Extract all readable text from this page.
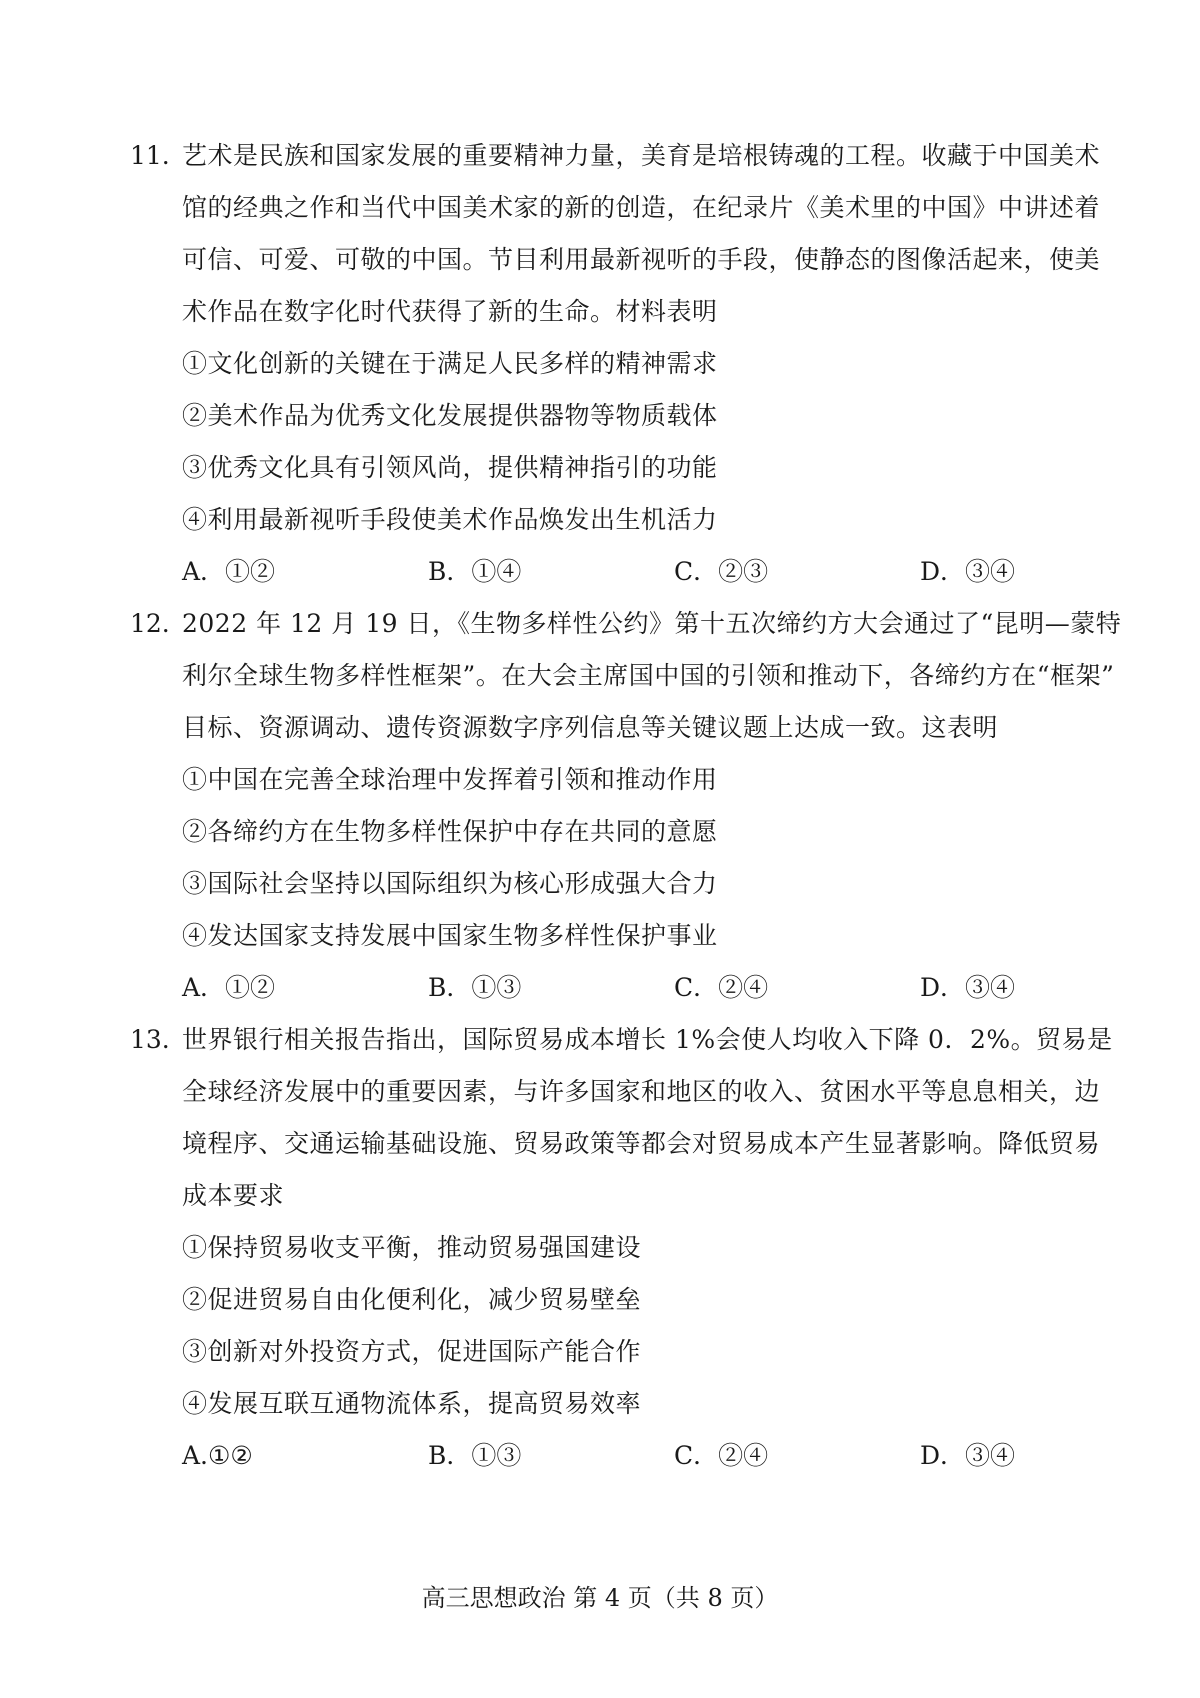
11. 艺术是民族和国家发展的重要精神力量，美育是培根铸魂的工程。收藏于中国美术
馆的经典之作和当代中国美术家的新的创造，在纪录片《美术里的中国》中讲述着
可信、可爱、可敬的中国。节目利用最新视听的手段，使静态的图像活起来，使美
术作品在数字化时代获得了新的生命。材料表明
①文化创新的关键在于满足人民多样的精神需求
②美术作品为优秀文化发展提供器物等物质载体
③优秀文化具有引领风尚，提供精神指引的功能
④利用最新视听手段使美术作品焕发出生机活力
A．①②	B．①④	C．②③	D．③④
12. 2022 年 12 月 19 日，《生物多样性公约》第十五次缔约方大会通过了“昆明—蒙特
利尔全球生物多样性框架”。在大会主席国中国的引领和推动下，各缔约方在“框架”
目标、资源调动、遗传资源数字序列信息等关键议题上达成一致。这表明
①中国在完善全球治理中发挥着引领和推动作用
②各缔约方在生物多样性保护中存在共同的意愿
③国际社会坚持以国际组织为核心形成强大合力
④发达国家支持发展中国家生物多样性保护事业
A．①②	B．①③	C．②④	D．③④
13. 世界银行相关报告指出，国际贸易成本增长 1%会使人均收入下降 0．2%。贸易是
全球经济发展中的重要因素，与许多国家和地区的收入、贫困水平等息息相关，边
境程序、交通运输基础设施、贸易政策等都会对贸易成本产生显著影响。降低贸易
成本要求
①保持贸易收支平衡，推动贸易强国建设
②促进贸易自由化便利化，减少贸易壁垒
③创新对外投资方式，促进国际产能合作
④发展互联互通物流体系，提高贸易效率
A.①②	B．①③	C．②④	D．③④
高三思想政治 第 4 页（共 8 页）
